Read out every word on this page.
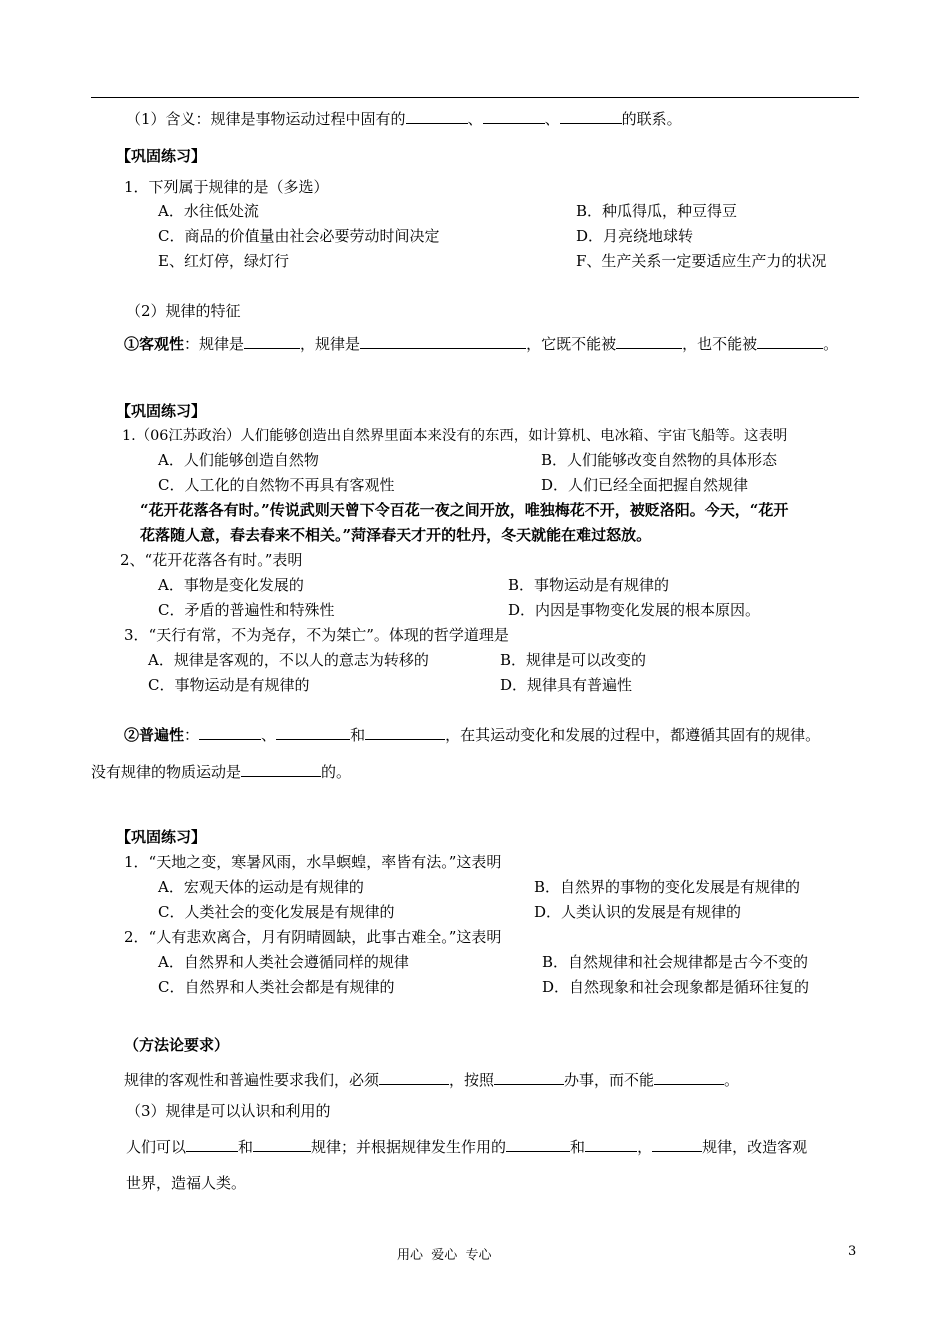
（1）含义：规律是事物运动过程中固有的	、	、	的联系。
【巩固练习】
1．下列属于规律的是（多选）
A．水往低处流	B．种瓜得瓜，种豆得豆
C．商品的价值量由社会必要劳动时间决定	D．月亮绕地球转
E、红灯停，绿灯行	F、生产关系一定要适应生产力的状况
（2）规律的特征
①客观性：规律是	，规律是	，它既不能被	，也不能被	。
【巩固练习】
1.（06江苏政治）人们能够创造出自然界里面本来没有的东西，如计算机、电冰箱、宇宙飞船等。这表明
A．人们能够创造自然物	B．人们能够改变自然物的具体形态
C．人工化的自然物不再具有客观性	D．人们已经全面把握自然规律
“花开花落各有时。”传说武则天曾下令百花一夜之间开放，唯独梅花不开，被贬洛阳。今天，“花开
花落随人意，春去春来不相关。”菏泽春天才开的牡丹，冬天就能在难过怒放。
2、“花开花落各有时。”表明
A．事物是变化发展的	B．事物运动是有规律的
C．矛盾的普遍性和特殊性	D．内因是事物变化发展的根本原因。
3．“天行有常，不为尧存，不为桀亡”。体现的哲学道理是
A．规律是客观的，不以人的意志为转移的	B．规律是可以改变的
C．事物运动是有规律的	D．规律具有普遍性
②普遍性：	、	和	，在其运动变化和发展的过程中，都遵循其固有的规律。
没有规律的物质运动是	的。
【巩固练习】
1．“天地之变，寒暑风雨，水旱螟蝗，率皆有法。”这表明
A．宏观天体的运动是有规律的	B．自然界的事物的变化发展是有规律的
C．人类社会的变化发展是有规律的	D．人类认识的发展是有规律的
2．“人有悲欢离合，月有阴晴圆缺，此事古难全。”这表明
A．自然界和人类社会遵循同样的规律	B．自然规律和社会规律都是古今不变的
C．自然界和人类社会都是有规律的	D．自然现象和社会现象都是循环往复的
（方法论要求）
规律的客观性和普遍性要求我们，必须	，按照	办事，而不能	。
（3）规律是可以认识和利用的
人们可以	和	规律；并根据规律发生作用的	和	，	规律，改造客观
世界，造福人类。
用心  爱心  专心	3
